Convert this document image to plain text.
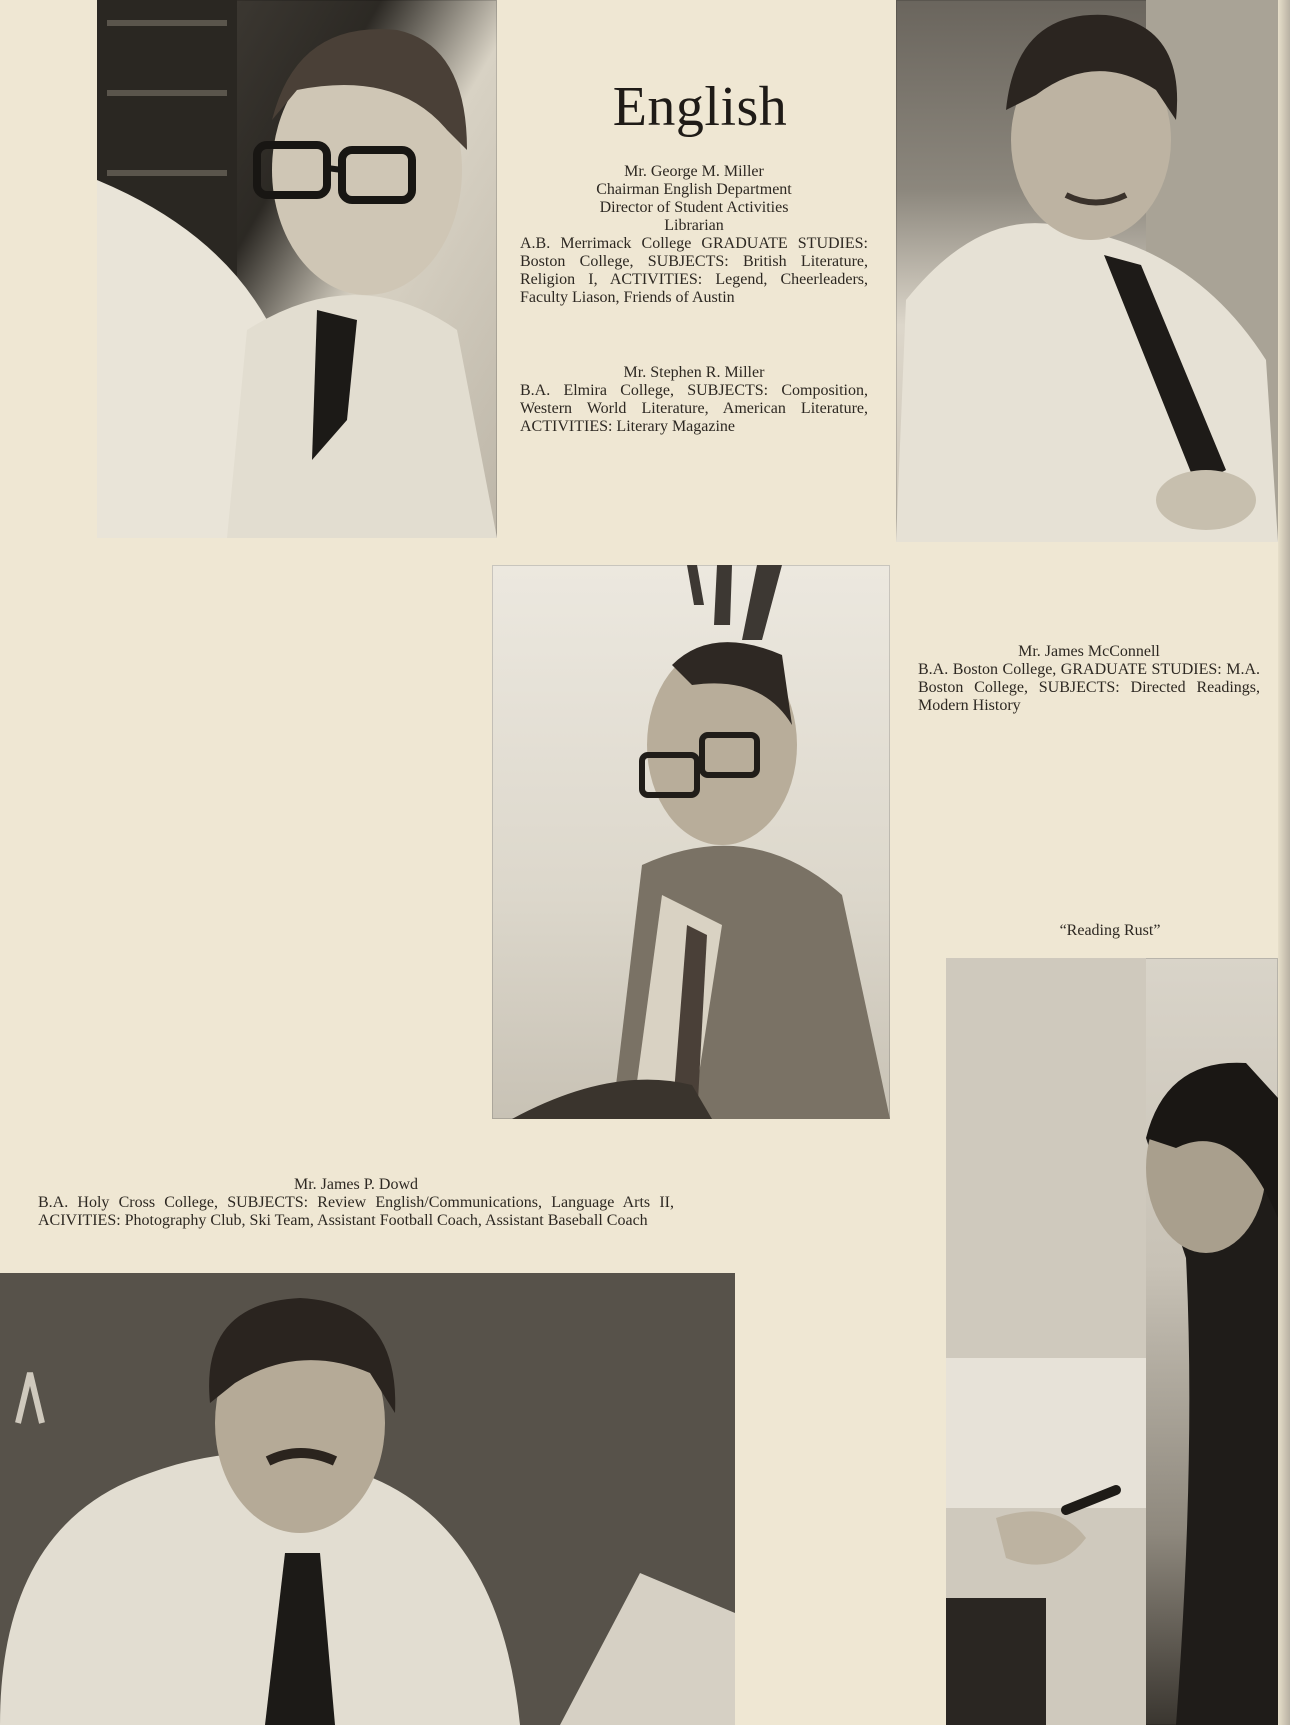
English
Mr. George M. Miller
Chairman English Department
Director of Student Activities
Librarian
A.B. Merrimack College GRADUATE STUDIES: Boston College, SUBJECTS: British Literature, Religion I, ACTIVITIES: Legend, Cheerleaders, Faculty Liason, Friends of Austin
Mr. Stephen R. Miller
B.A. Elmira College, SUBJECTS: Composition, Western World Literature, American Literature, ACTIVITIES: Literary Magazine
Mr. James McConnell
B.A. Boston College, GRADUATE STUDIES: M.A. Boston College, SUBJECTS: Directed Readings, Modern History
“Reading Rust”
Mr. James P. Dowd
B.A. Holy Cross College, SUBJECTS: Review English/Communications, Language Arts II, ACIVITIES: Photography Club, Ski Team, Assistant Football Coach, Assistant Baseball Coach
